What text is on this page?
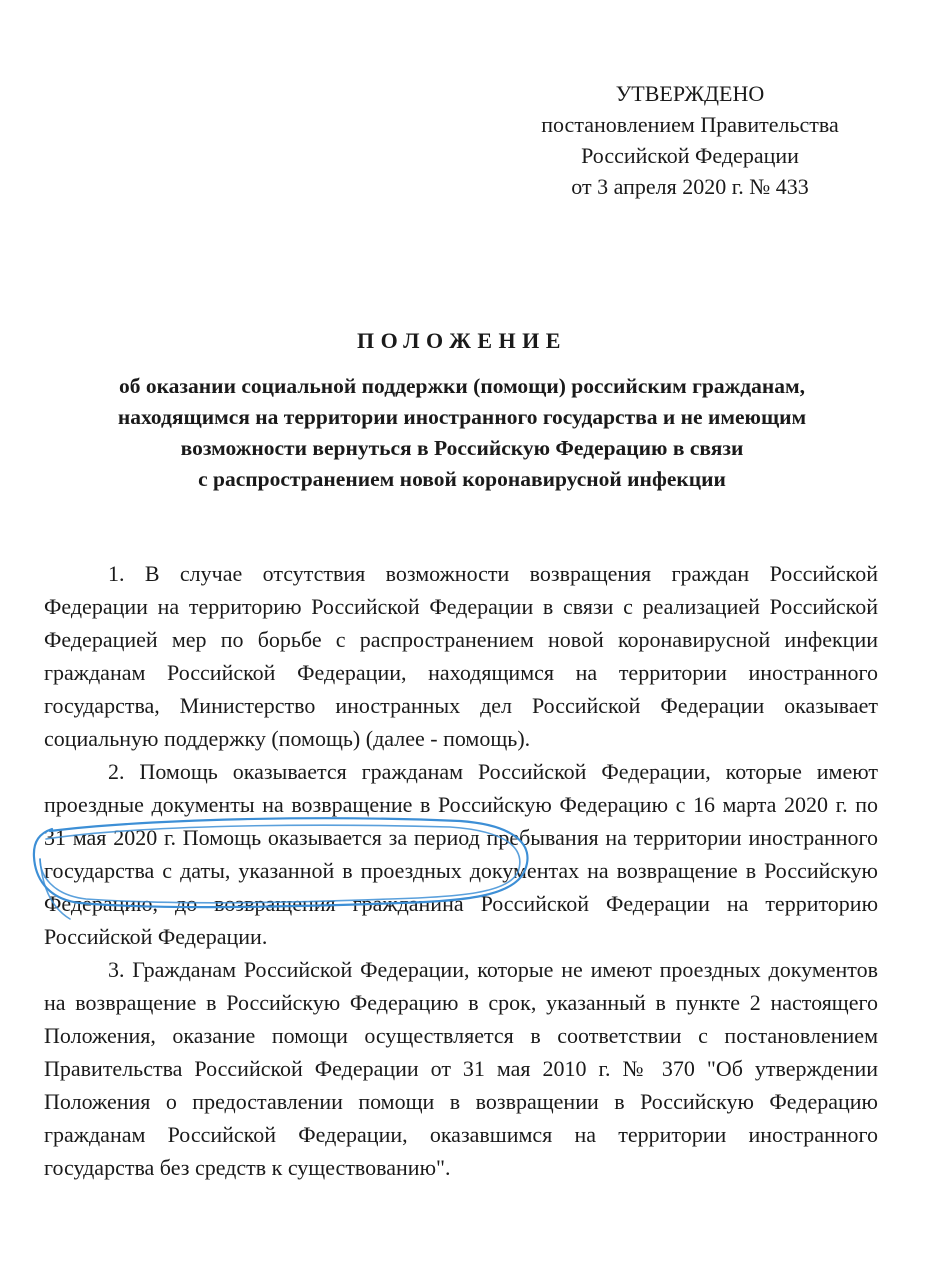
УТВЕРЖДЕНО
постановлением Правительства
Российской Федерации
от 3 апреля 2020 г. № 433
ПОЛОЖЕНИЕ
об оказании социальной поддержки (помощи) российским гражданам,
находящимся на территории иностранного государства и не имеющим
возможности вернуться в Российскую Федерацию в связи
с распространением новой коронавирусной инфекции

1. В случае отсутствия возможности возвращения граждан Российской Федерации на территорию Российской Федерации в связи с реализацией Российской Федерацией мер по борьбе с распространением новой коронавирусной инфекции гражданам Российской Федерации, находящимся на территории иностранного государства, Министерство иностранных дел Российской Федерации оказывает социальную поддержку (помощь) (далее - помощь).

2. Помощь оказывается гражданам Российской Федерации, которые имеют проездные документы на возвращение в Российскую Федерацию с 16 марта 2020 г. по 31 мая 2020 г. Помощь оказывается за период пребывания на территории иностранного государства с даты, указанной в проездных документах на возвращение в Российскую Федерацию, до возвращения гражданина Российской Федерации на территорию Российской Федерации.

3. Гражданам Российской Федерации, которые не имеют проездных документов на возвращение в Российскую Федерацию в срок, указанный в пункте 2 настоящего Положения, оказание помощи осуществляется в соответствии с постановлением Правительства Российской Федерации от 31 мая 2010 г. № 370 "Об утверждении Положения о предоставлении помощи в возвращении в Российскую Федерацию гражданам Российской Федерации, оказавшимся на территории иностранного государства без средств к существованию".
